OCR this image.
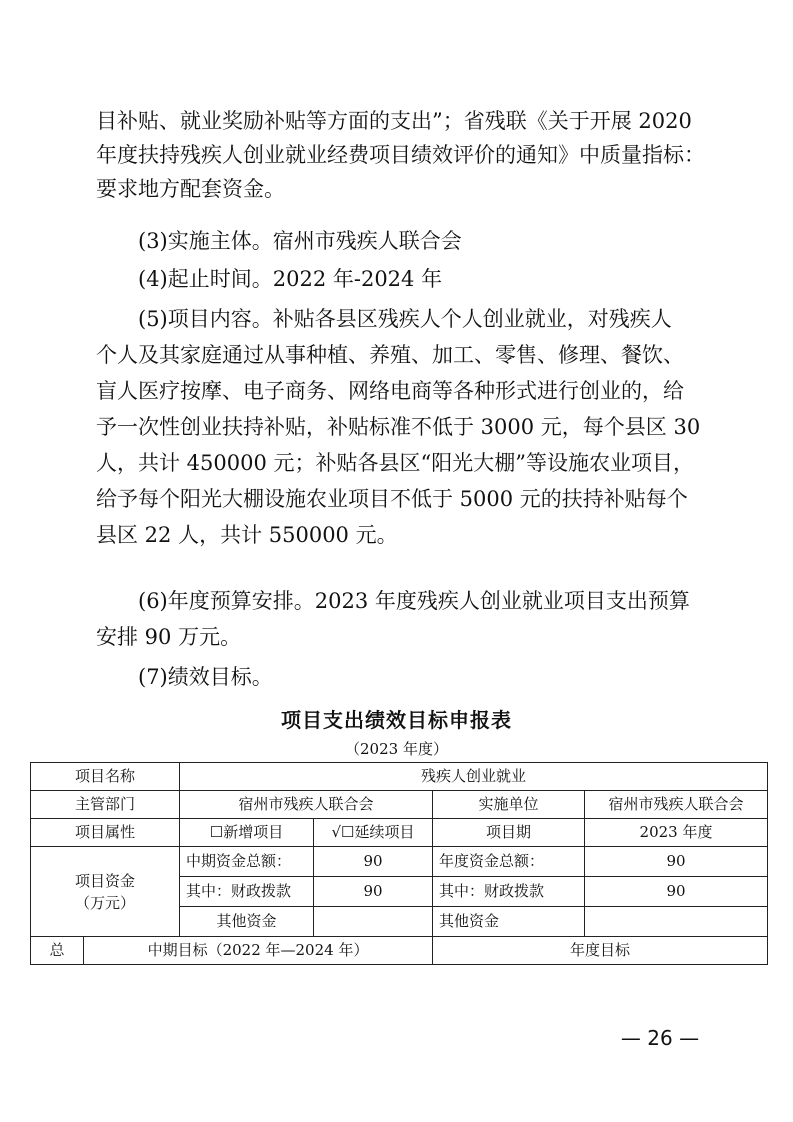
目补贴、就业奖励补贴等方面的支出”；省残联《关于开展 2020

年度扶持残疾人创业就业经费项目绩效评价的通知》中质量指标：

要求地方配套资金。

(3)实施主体。宿州市残疾人联合会

(4)起止时间。2022 年-2024 年

(5)项目内容。补贴各县区残疾人个人创业就业，对残疾人

个人及其家庭通过从事种植、养殖、加工、零售、修理、餐饮、

盲人医疗按摩、电子商务、网络电商等各种形式进行创业的，给

予一次性创业扶持补贴，补贴标准不低于 3000 元，每个县区 30

人，共计 450000 元；补贴各县区“阳光大棚”等设施农业项目，

给予每个阳光大棚设施农业项目不低于 5000 元的扶持补贴每个

县区 22 人，共计 550000 元。

(6)年度预算安排。2023 年度残疾人创业就业项目支出预算

安排 90 万元。

(7)绩效目标。

项目支出绩效目标申报表
（2023 年度）
项目名称		残疾人创业就业			
主管部门		宿州市残疾人联合会		实施单位	宿州市残疾人联合会
项目属性		☐新增项目	√☐延续项目	项目期	2023 年度

项目资金
（万元）		中期资金总额：	90	年度资金总额：	90
		其中：财政拨款	90	其中：财政拨款	90
		其他资金		其他资金	
总	中期目标（2022 年—2024 年）			年度目标	
— 26 —
